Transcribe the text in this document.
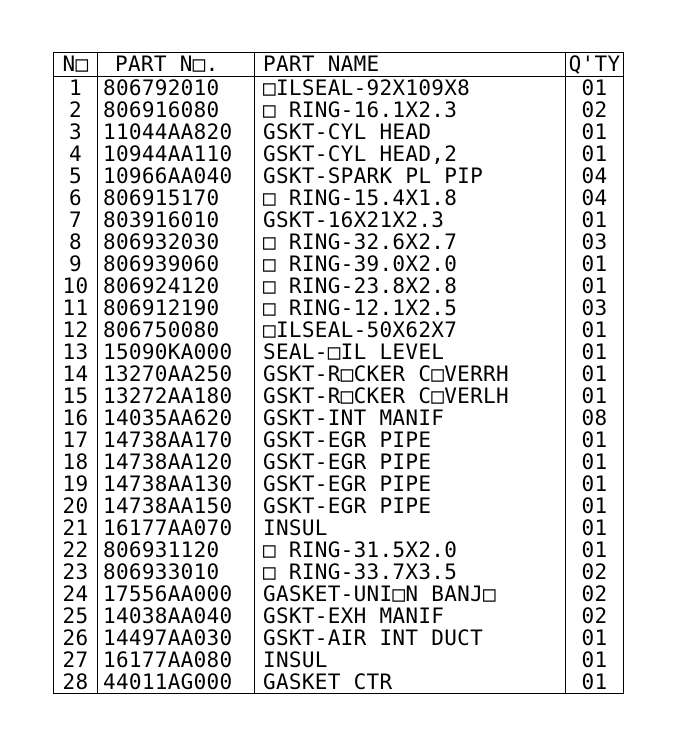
N□	PART N□.	PART NAME	Q'TY
1	806792010	□ILSEAL-92X109X8	01
2	806916080	□ RING-16.1X2.3	02
3	11044AA820	GSKT-CYL HEAD	01
4	10944AA110	GSKT-CYL HEAD,2	01
5	10966AA040	GSKT-SPARK PL PIP	04
6	806915170	□ RING-15.4X1.8	04
7	803916010	GSKT-16X21X2.3	01
8	806932030	□ RING-32.6X2.7	03
9	806939060	□ RING-39.0X2.0	01
10 806924120	□ RING-23.8X2.8	01
11 806912190	□ RING-12.1X2.5	03
12 806750080	□ILSEAL-50X62X7	01
13 15090KA000	SEAL-□IL LEVEL	01
14 13270AA250	GSKT-R□CKER C□VERRH	01
15 13272AA180	GSKT-R□CKER C□VERLH	01
16 14035AA620	GSKT-INT MANIF	08
17 14738AA170	GSKT-EGR PIPE	01
18 14738AA120	GSKT-EGR PIPE	01
19 14738AA130	GSKT-EGR PIPE	01
20 14738AA150	GSKT-EGR PIPE	01
21 16177AA070	INSUL	01
22 806931120	□ RING-31.5X2.0	01
23 806933010	□ RING-33.7X3.5	02
24 17556AA000	GASKET-UNI□N BANJ□	02
25 14038AA040	GSKT-EXH MANIF	02
26 14497AA030	GSKT-AIR INT DUCT	01
27 16177AA080	INSUL	01
28 44011AG000	GASKET CTR	01
